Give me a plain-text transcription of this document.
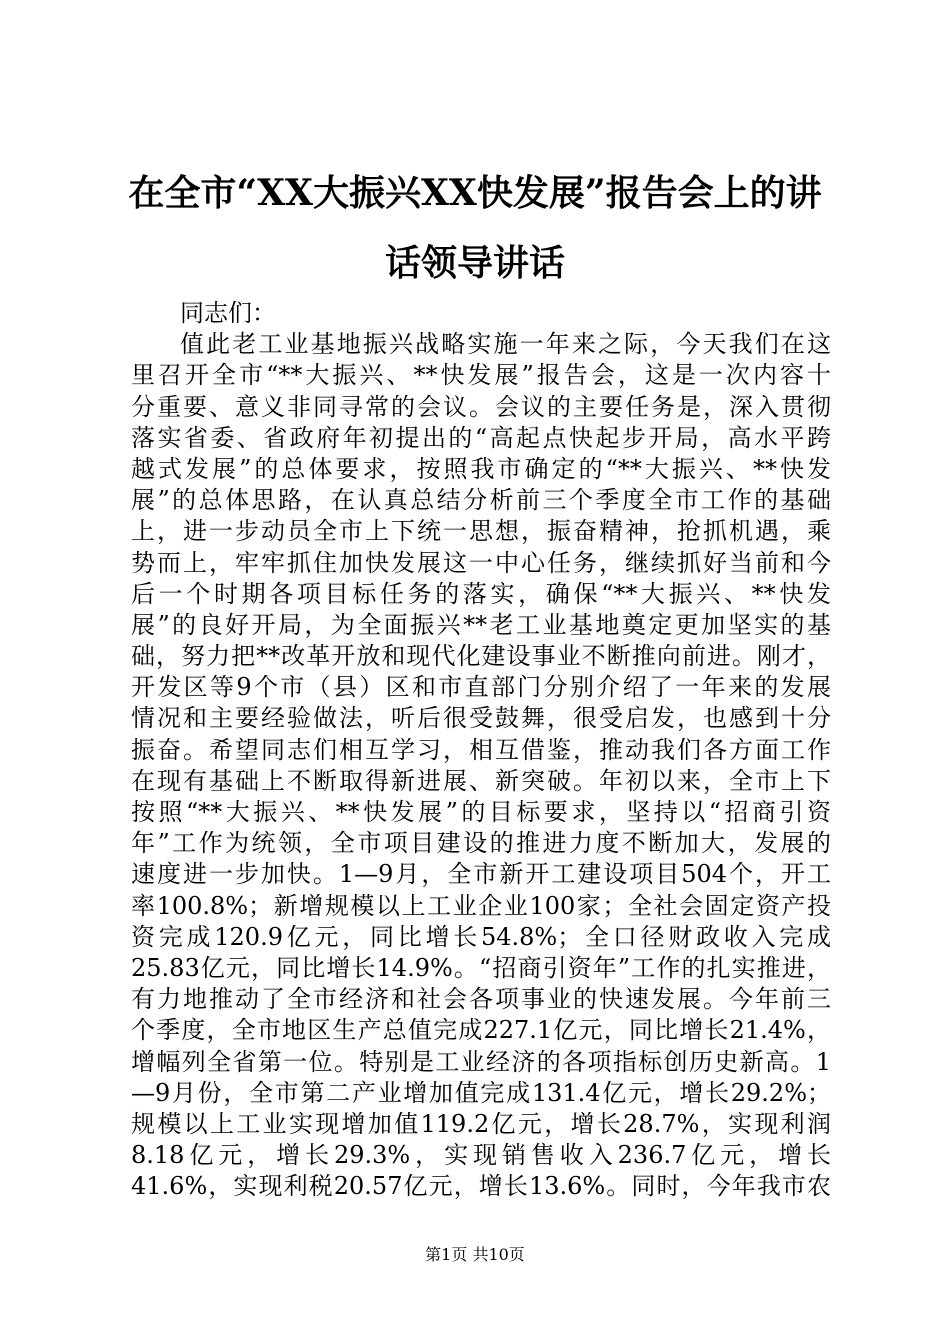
在全市“XX大振兴XX快发展”报告会上的讲
话领导讲话
同志们：
值此老工业基地振兴战略实施一年来之际，今天我们在这
里召开全市“**大振兴、**快发展”报告会，这是一次内容十
分重要、意义非同寻常的会议。会议的主要任务是，深入贯彻
落实省委、省政府年初提出的“高起点快起步开局，高水平跨
越式发展”的总体要求，按照我市确定的“**大振兴、**快发
展”的总体思路，在认真总结分析前三个季度全市工作的基础
上，进一步动员全市上下统一思想，振奋精神，抢抓机遇，乘
势而上，牢牢抓住加快发展这一中心任务，继续抓好当前和今
后一个时期各项目标任务的落实，确保“**大振兴、**快发
展”的良好开局，为全面振兴**老工业基地奠定更加坚实的基
础，努力把**改革开放和现代化建设事业不断推向前进。刚才，
开发区等9个市（县）区和市直部门分别介绍了一年来的发展
情况和主要经验做法，听后很受鼓舞，很受启发，也感到十分
振奋。希望同志们相互学习，相互借鉴，推动我们各方面工作
在现有基础上不断取得新进展、新突破。年初以来，全市上下
按照“**大振兴、**快发展”的目标要求，坚持以“招商引资
年”工作为统领，全市项目建设的推进力度不断加大，发展的
速度进一步加快。1—9月，全市新开工建设项目504个，开工
率100.8%；新增规模以上工业企业100家；全社会固定资产投
资完成120.9亿元，同比增长54.8%；全口径财政收入完成
25.83亿元，同比增长14.9%。“招商引资年”工作的扎实推进，
有力地推动了全市经济和社会各项事业的快速发展。今年前三
个季度，全市地区生产总值完成227.1亿元，同比增长21.4%，
增幅列全省第一位。特别是工业经济的各项指标创历史新高。1
—9月份，全市第二产业增加值完成131.4亿元，增长29.2%；
规模以上工业实现增加值119.2亿元，增长28.7%，实现利润
8.18亿元，增长29.3%，实现销售收入236.7亿元，增长
41.6%，实现利税20.57亿元，增长13.6%。同时，今年我市农
第1页 共10页
